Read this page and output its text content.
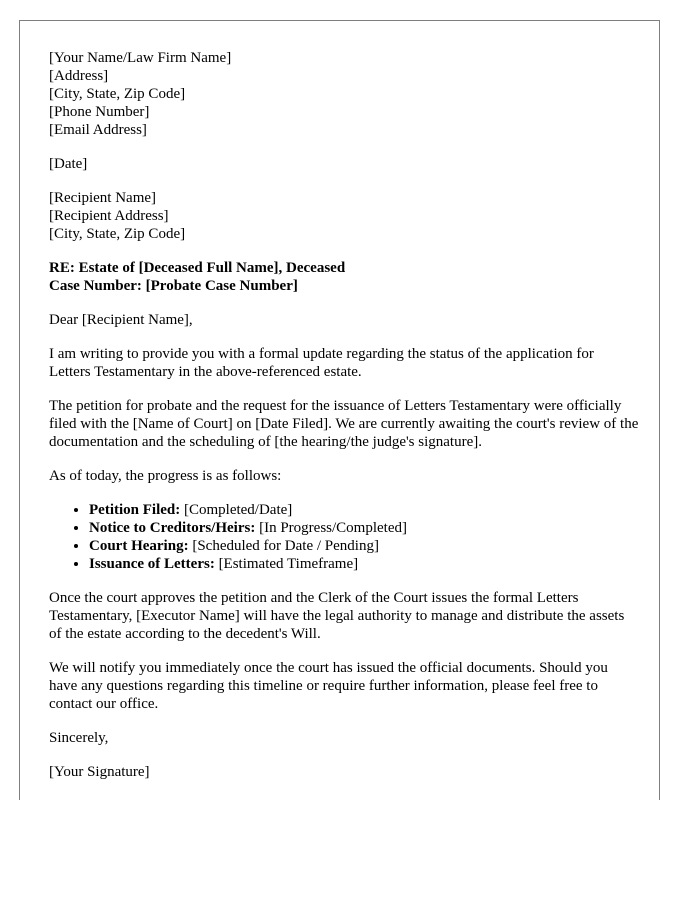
[Your Name/Law Firm Name]
[Address]
[City, State, Zip Code]
[Phone Number]
[Email Address]
[Date]
[Recipient Name]
[Recipient Address]
[City, State, Zip Code]
RE: Estate of [Deceased Full Name], Deceased
Case Number: [Probate Case Number]

Dear [Recipient Name],

I am writing to provide you with a formal update regarding the status of the application for Letters Testamentary in the above-referenced estate.

The petition for probate and the request for the issuance of Letters Testamentary were officially filed with the [Name of Court] on [Date Filed]. We are currently awaiting the court's review of the documentation and the scheduling of [the hearing/the judge's signature].

As of today, the progress is as follows:

• Petition Filed: [Completed/Date]
• Notice to Creditors/Heirs: [In Progress/Completed]
• Court Hearing: [Scheduled for Date / Pending]
• Issuance of Letters: [Estimated Timeframe]

Once the court approves the petition and the Clerk of the Court issues the formal Letters Testamentary, [Executor Name] will have the legal authority to manage and distribute the assets of the estate according to the decedent's Will.

We will notify you immediately once the court has issued the official documents. Should you have any questions regarding this timeline or require further information, please feel free to contact our office.

Sincerely,

[Your Signature]
